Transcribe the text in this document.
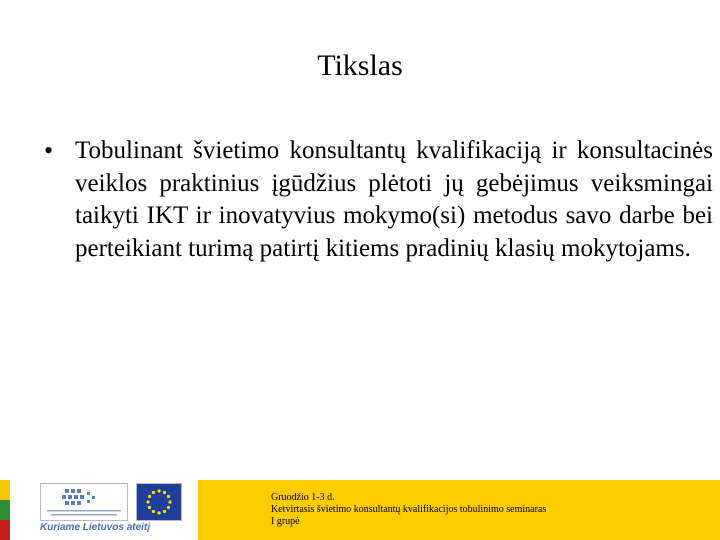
Tikslas
• Tobulinant švietimo konsultantų kvalifikaciją ir konsultacinės veiklos praktinius įgūdžius plėtoti jų gebėjimus veiksmingai taikyti IKT ir inovatyvius mokymo(si) metodus savo darbe bei perteikiant turimą patirtį kitiems pradinių klasių mokytojams.
Kuriame Lietuvos ateitį
Gruodžio 1-3 d.
Ketvirtasis švietimo konsultantų kvalifikacijos tobulinimo seminaras
I grupė
